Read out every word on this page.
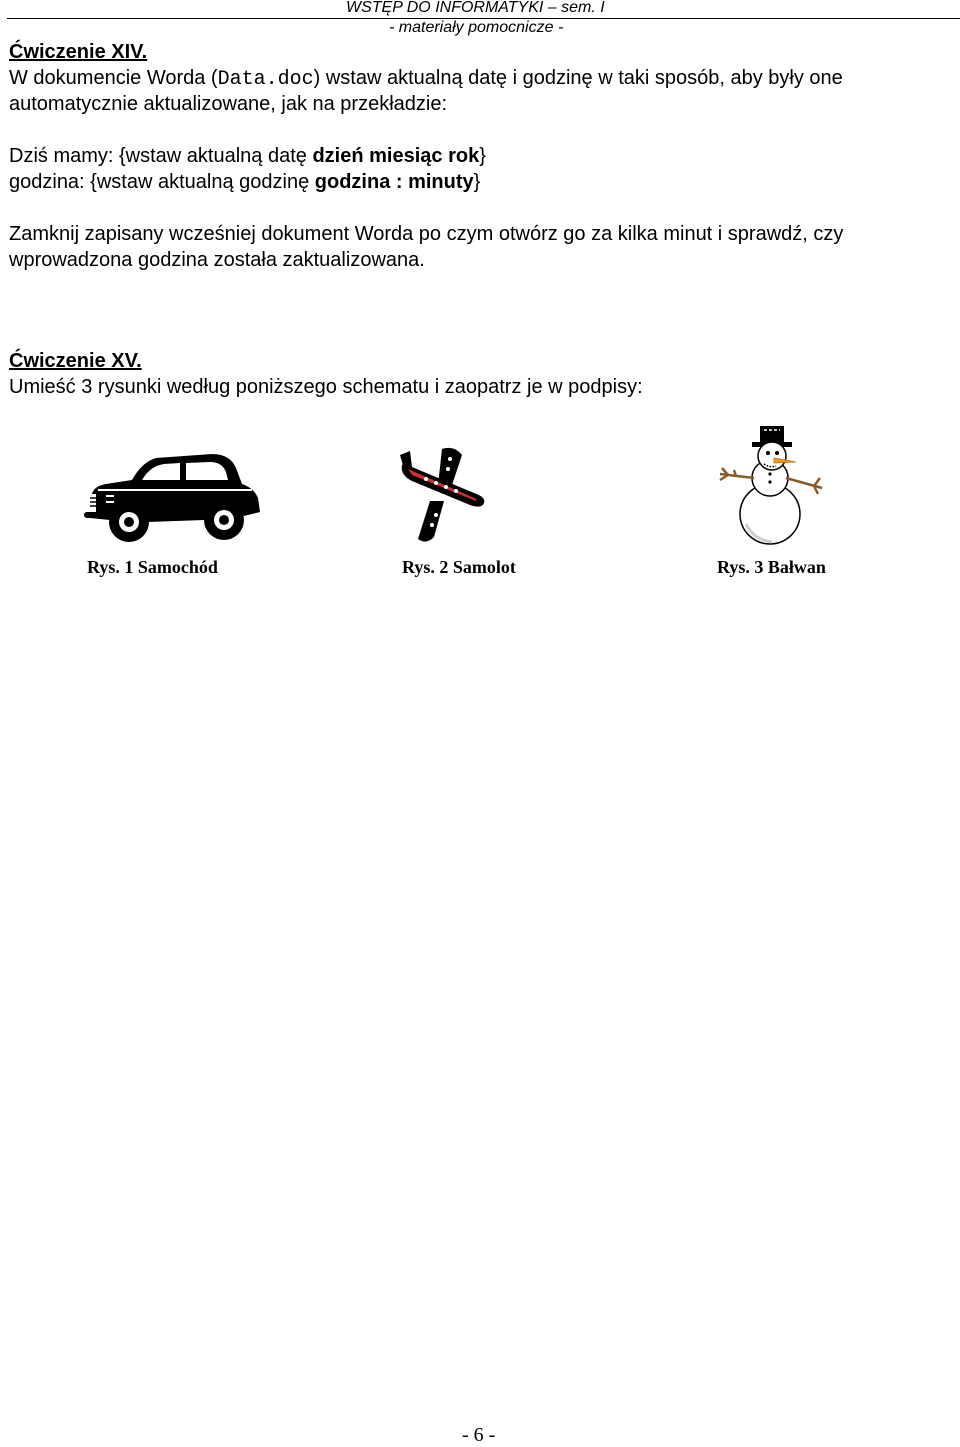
WSTĘP DO INFORMATYKI – sem. I
- materiały pomocnicze -
Ćwiczenie XIV.
W dokumencie Worda (Data.doc) wstaw aktualną datę i godzinę w taki sposób, aby były one
automatycznie aktualizowane, jak na przekładzie:
Dziś mamy: {wstaw aktualną datę dzień miesiąc rok}
godzina: {wstaw aktualną godzinę godzina : minuty}
Zamknij zapisany wcześniej dokument Worda po czym otwórz go za kilka minut i sprawdź, czy
wprowadzona godzina została zaktualizowana.
Ćwiczenie XV.
Umieść 3 rysunki według poniższego schematu i zaopatrz je w podpisy:
Rys. 1 Samochód	Rys. 2 Samolot	Rys. 3 Bałwan
- 6 -
